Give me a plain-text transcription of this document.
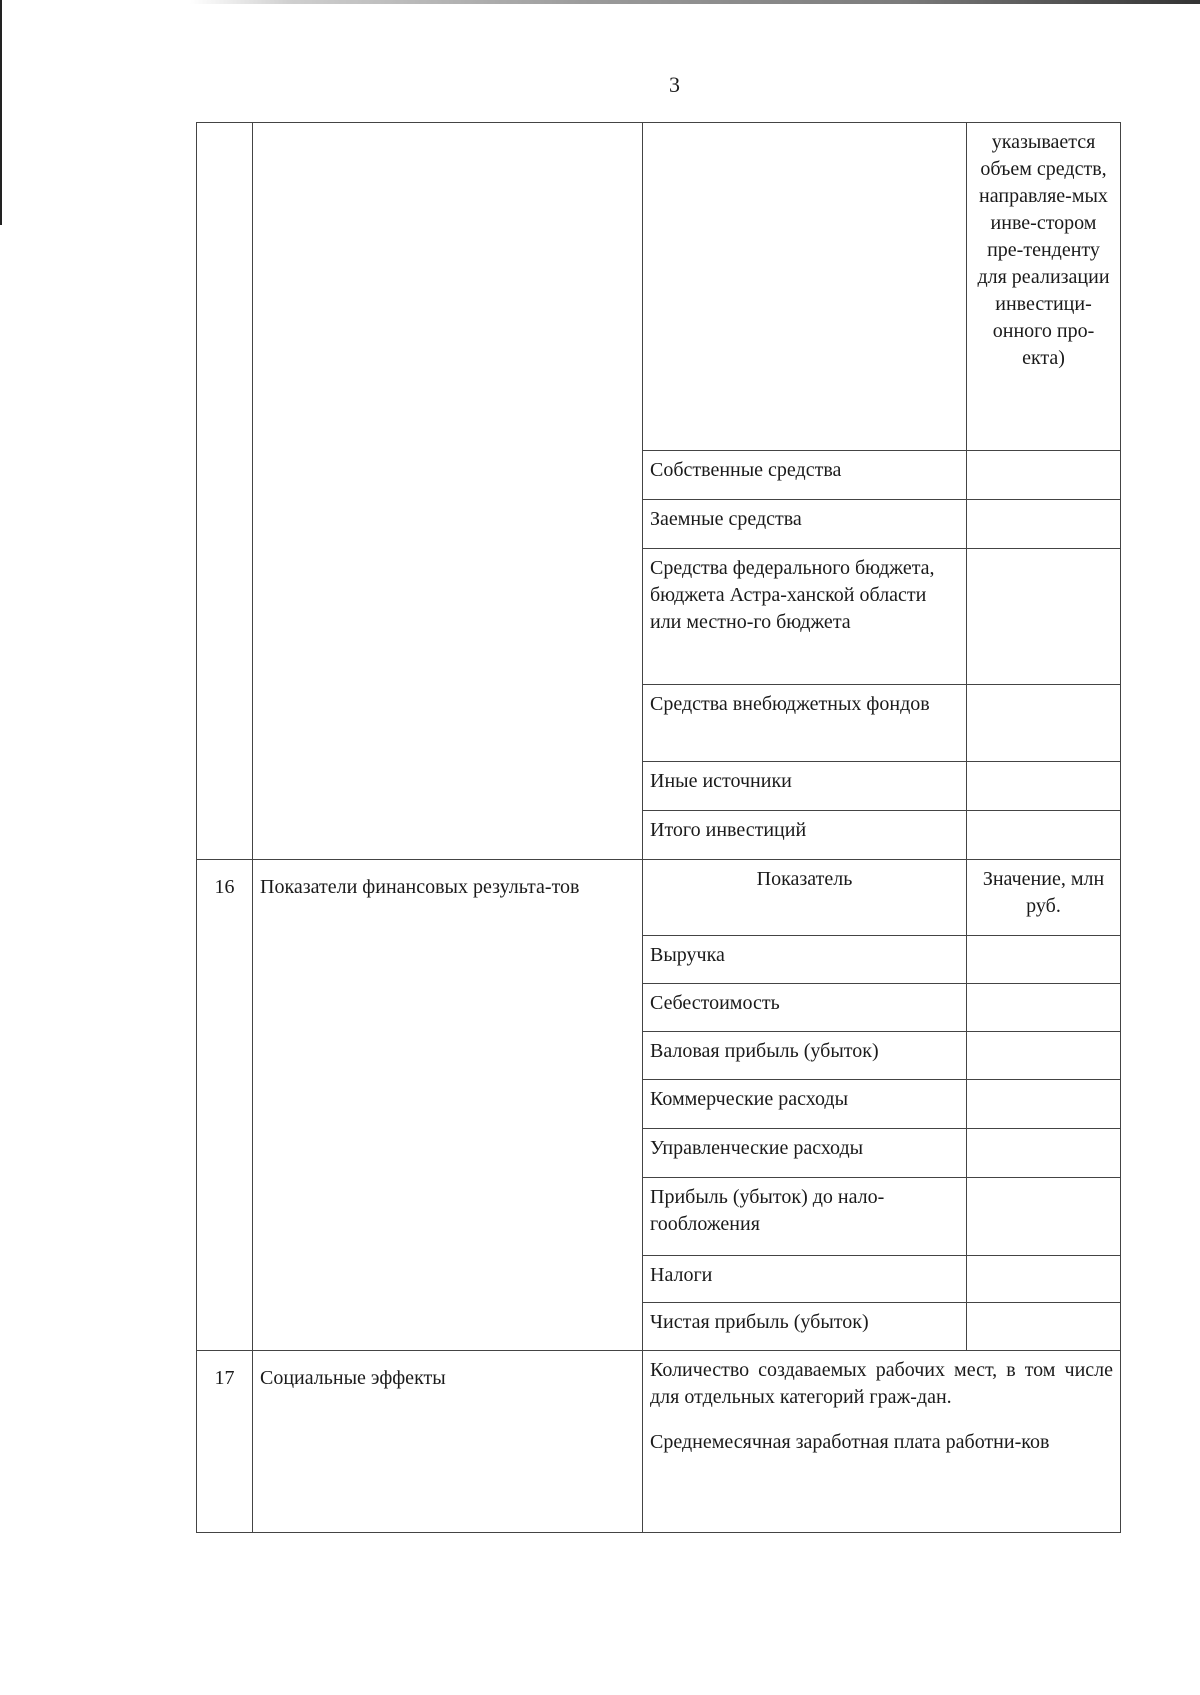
3
			указывается объем средств, направляе-мых инве-стором пре-тенденту для реализации инвестици-онного про-екта)
		Собственные средства	
		Заемные средства	
		Средства федерального бюджета, бюджета Астра-ханской области или местно-го бюджета	
		Средства внебюджетных фондов	
		Иные источники	
		Итого инвестиций	
16	Показатели финансовых результа-тов	Показатель	Значение, млн руб.
		Выручка	
		Себестоимость	
		Валовая прибыль (убыток)	
		Коммерческие расходы	
		Управленческие расходы	
		Прибыль (убыток) до нало-гообложения	
		Налоги	
		Чистая прибыль (убыток)	
17	Социальные эффекты	Количество создаваемых рабочих мест, в том числе для отдельных категорий граж-дан.

Среднемесячная заработная плата работни-ков	
